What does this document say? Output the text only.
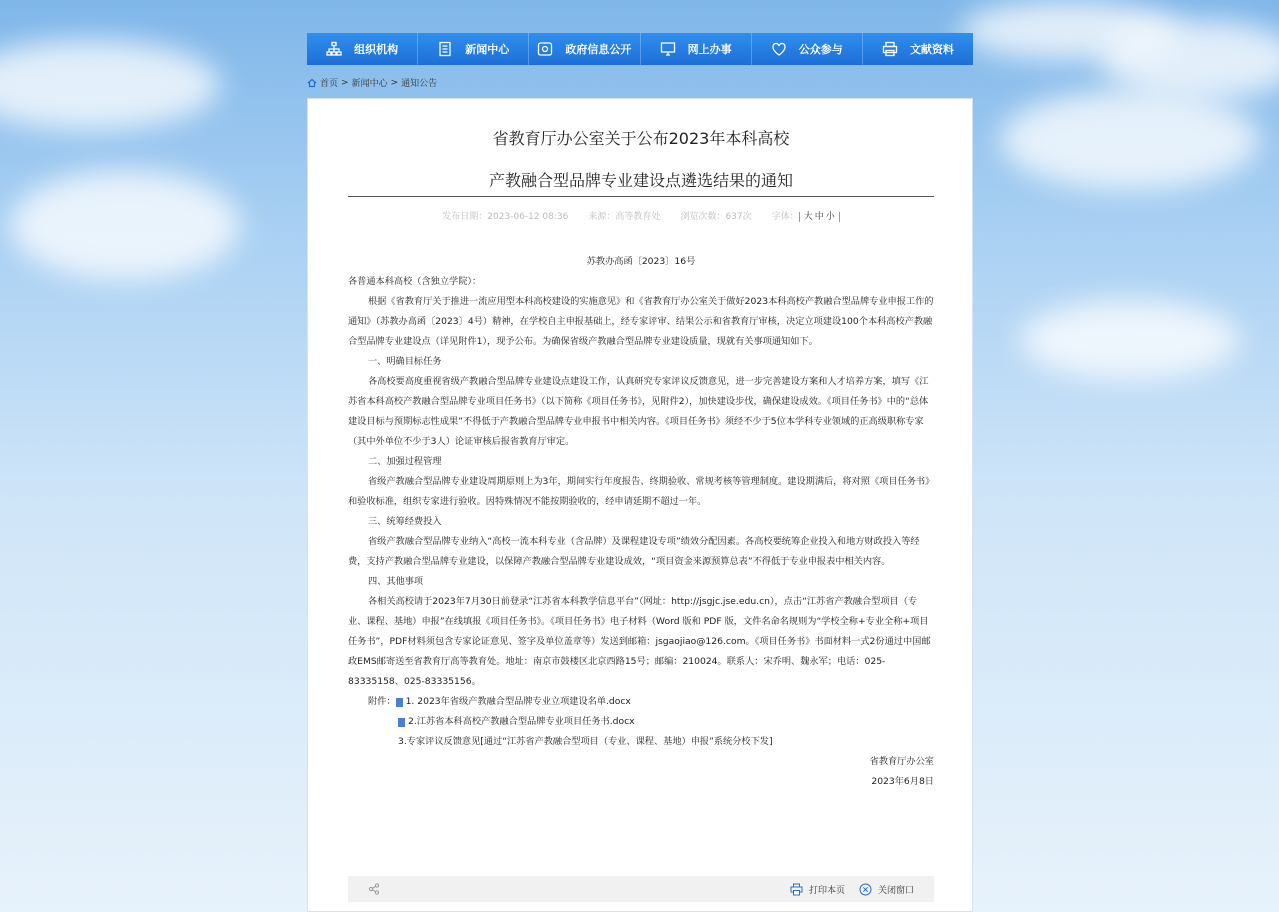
组织机构	新闻中心	政府信息公开	网上办事	公众参与	文献资料
首页 > 新闻中心 > 通知公告
省教育厅办公室关于公布2023年本科高校
产教融合型品牌专业建设点遴选结果的通知
发布日期：2023-06-12 08:36 来源：高等教育处 浏览次数：637次 字体： 大 中 小

苏教办高函〔2023〕16号

各普通本科高校（含独立学院）：

根据《省教育厅关于推进一流应用型本科高校建设的实施意见》和《省教育厅办公室关于做好2023本科高校产教融合型品牌专业申报工作的通知》（苏教办高函〔2023〕4号）精神，在学校自主申报基础上，经专家评审、结果公示和省教育厅审核，决定立项建设100个本科高校产教融合型品牌专业建设点（详见附件1），现予公布。为确保省级产教融合型品牌专业建设质量，现就有关事项通知如下。

一、明确目标任务

各高校要高度重视省级产教融合型品牌专业建设点建设工作，认真研究专家评议反馈意见，进一步完善建设方案和人才培养方案，填写《江苏省本科高校产教融合型品牌专业项目任务书》（以下简称《项目任务书》，见附件2），加快建设步伐，确保建设成效。《项目任务书》中的“总体建设目标与预期标志性成果”不得低于产教融合型品牌专业申报书中相关内容。《项目任务书》须经不少于5位本学科专业领域的正高级职称专家（其中外单位不少于3人）论证审核后报省教育厅审定。

二、加强过程管理

省级产教融合型品牌专业建设周期原则上为3年，期间实行年度报告、终期验收、常规考核等管理制度。建设期满后，将对照《项目任务书》和验收标准，组织专家进行验收。因特殊情况不能按期验收的，经申请延期不超过一年。

三、统筹经费投入

省级产教融合型品牌专业纳入“高校一流本科专业（含品牌）及课程建设专项”绩效分配因素。各高校要统筹企业投入和地方财政投入等经费，支持产教融合型品牌专业建设，以保障产教融合型品牌专业建设成效，“项目资金来源预算总表”不得低于专业申报表中相关内容。

四、其他事项

各相关高校请于2023年7月30日前登录“江苏省本科教学信息平台”（网址：http://jsgjc.jse.edu.cn），点击“江苏省产教融合型项目（专业、课程、基地）申报”在线填报《项目任务书》。《项目任务书》电子材料（Word 版和 PDF 版，文件名命名规则为“学校全称+专业全称+项目任务书”，PDF材料须包含专家论证意见、签字及单位盖章等）发送到邮箱：jsgaojiao@126.com。《项目任务书》书面材料一式2份通过中国邮政EMS邮寄送至省教育厅高等教育处。地址：南京市鼓楼区北京西路15号；邮编：210024。联系人：宋乔明、魏永军；电话：025-83335158、025-83335156。

附件： 1. 2023年省级产教融合型品牌专业立项建设名单.docx

2.江苏省本科高校产教融合型品牌专业项目任务书.docx

3.专家评议反馈意见[通过“江苏省产教融合型项目（专业、课程、基地）申报”系统分校下发]

省教育厅办公室

2023年6月8日

打印本页	关闭窗口
